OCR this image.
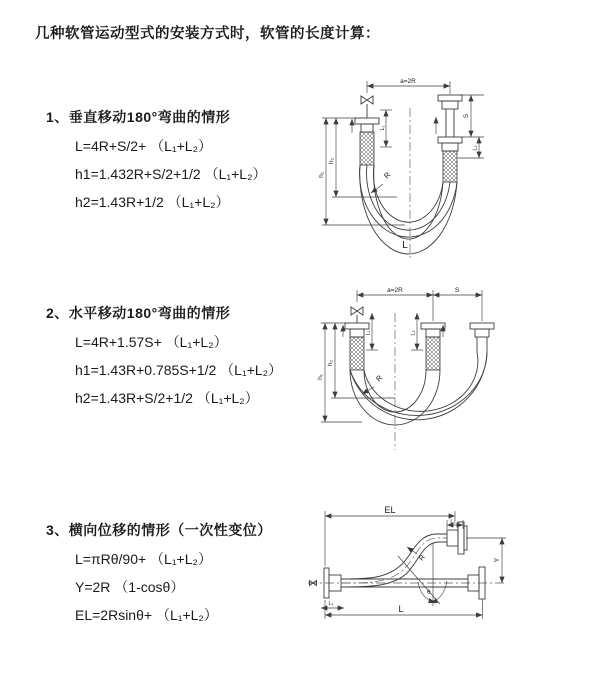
几种软管运动型式的安装方式时，软管的长度计算：
1、垂直移动180°弯曲的情形
L=4R+S/2+ （L₁+L₂）
h1=1.432R+S/2+1/2 （L₁+L₂）
h2=1.43R+1/2 （L₁+L₂）
2、水平移动180°弯曲的情形
L=4R+1.57S+ （L₁+L₂）
h1=1.43R+0.785S+1/2 （L₁+L₂）
h2=1.43R+S/2+1/2 （L₁+L₂）
3、横向位移的情形（一次性变位）
L=πRθ/90+ （L₁+L₂）
Y=2R （1-cosθ）
EL=2Rsinθ+ （L₁+L₂）
a=2R
R
L
h₂
h₁
L₁
S
L₂
a=2R	S
R
h₂
h₁
L₁	L₂
EL
L₂
Y
R
θ
L₁	L
